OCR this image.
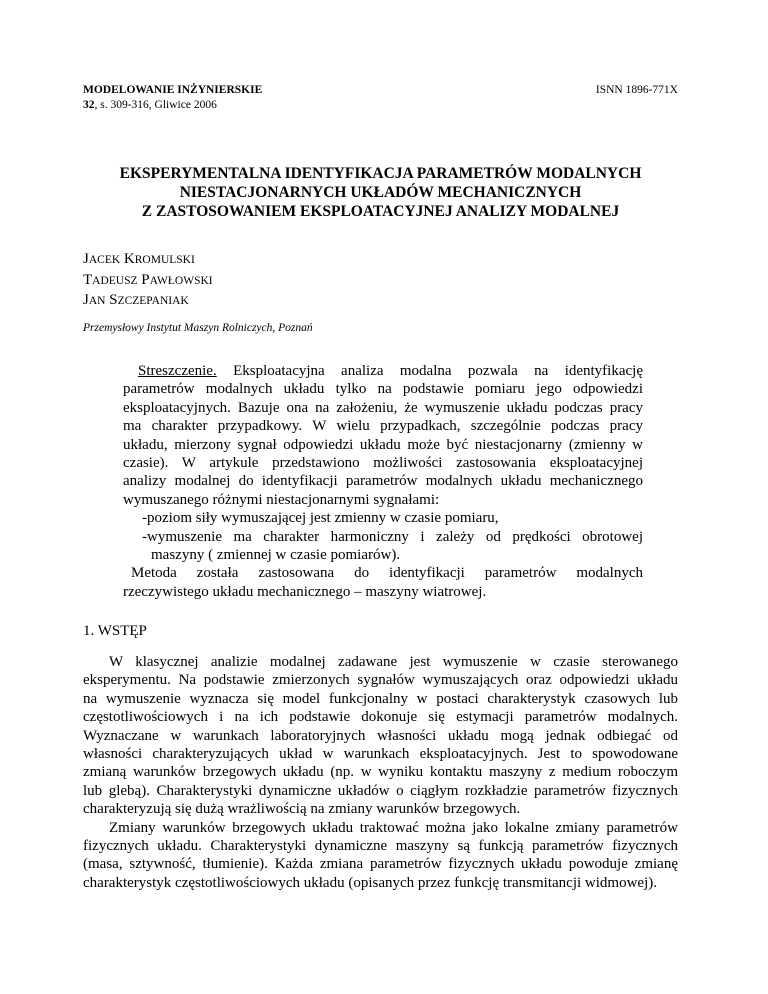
MODELOWANIE INŻYNIERSKIE
32, s. 309-316, Gliwice 2006
ISNN 1896-771X
EKSPERYMENTALNA IDENTYFIKACJA PARAMETRÓW MODALNYCH
NIESTACJONARNYCH UKŁADÓW MECHANICZNYCH
Z ZASTOSOWANIEM EKSPLOATACYJNEJ ANALIZY MODALNEJ
JACEK KROMULSKI
TADEUSZ PAWŁOWSKI
JAN SZCZEPANIAK
Przemysłowy Instytut Maszyn Rolniczych, Poznań
Streszczenie. Eksploatacyjna analiza modalna pozwala na identyfikację
parametrów modalnych układu tylko na podstawie pomiaru jego odpowiedzi
eksploatacyjnych. Bazuje ona na założeniu, że wymuszenie układu podczas pracy
ma charakter przypadkowy. W wielu przypadkach, szczególnie podczas pracy
układu, mierzony sygnał odpowiedzi układu może być niestacjonarny (zmienny w
czasie). W artykule przedstawiono możliwości zastosowania eksploatacyjnej
analizy modalnej do identyfikacji parametrów modalnych układu mechanicznego
wymuszanego różnymi niestacjonarnymi sygnałami:
-poziom siły wymuszającej jest zmienny w czasie pomiaru,
-wymuszenie ma charakter harmoniczny i zależy od prędkości obrotowej
maszyny ( zmiennej w czasie pomiarów).
Metoda została zastosowana do identyfikacji parametrów modalnych
rzeczywistego układu mechanicznego – maszyny wiatrowej.
1. WSTĘP
W klasycznej analizie modalnej zadawane jest wymuszenie w czasie sterowanego
eksperymentu. Na podstawie zmierzonych sygnałów wymuszających oraz odpowiedzi układu
na wymuszenie wyznacza się model funkcjonalny w postaci charakterystyk czasowych lub
częstotliwościowych i na ich podstawie dokonuje się estymacji parametrów modalnych.
Wyznaczane w warunkach laboratoryjnych własności układu mogą jednak odbiegać od
własności charakteryzujących układ w warunkach eksploatacyjnych. Jest to spowodowane
zmianą warunków brzegowych układu (np. w wyniku kontaktu maszyny z medium roboczym
lub glebą). Charakterystyki dynamiczne układów o ciągłym rozkładzie parametrów fizycznych
charakteryzują się dużą wrażliwością na zmiany warunków brzegowych.
Zmiany warunków brzegowych układu traktować można jako lokalne zmiany parametrów
fizycznych układu. Charakterystyki dynamiczne maszyny są funkcją parametrów fizycznych
(masa, sztywność, tłumienie). Każda zmiana parametrów fizycznych układu powoduje zmianę
charakterystyk częstotliwościowych układu (opisanych przez funkcję transmitancji widmowej).
